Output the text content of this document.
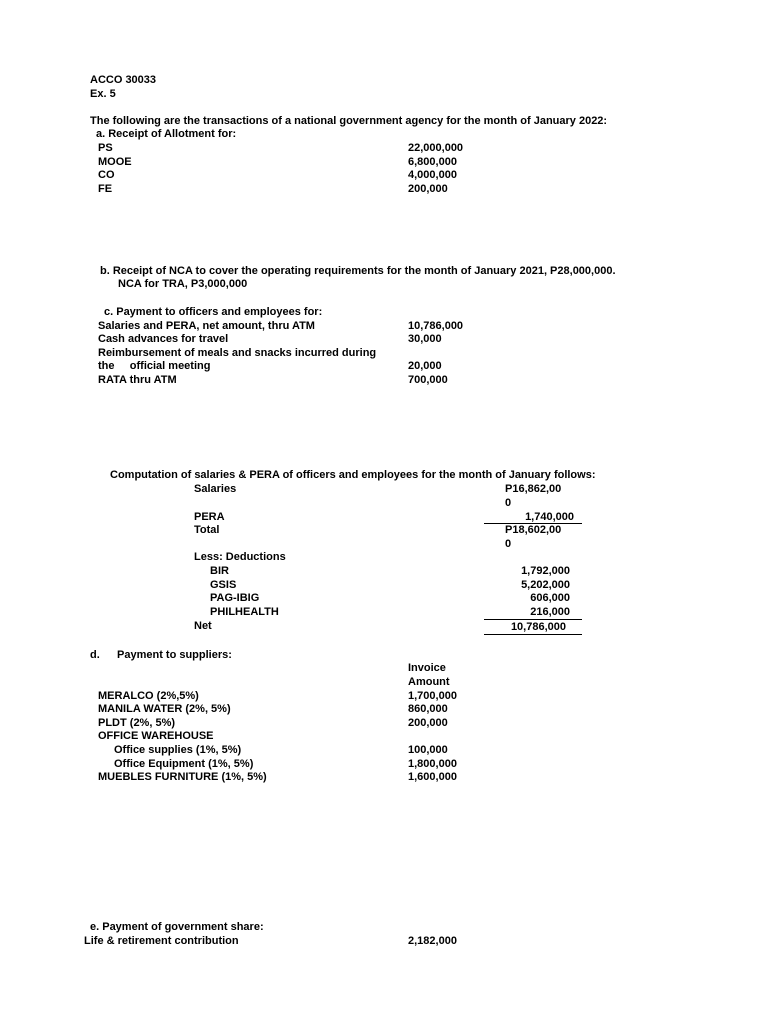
ACCO 30033

Ex. 5

The following are the transactions of a national government agency for the month of January 2022:

a. Receipt of Allotment for:

PS	22,000,000

MOOE	6,800,000

CO	4,000,000

FE	200,000

b. Receipt of NCA to cover the operating requirements for the month of January 2021, P28,000,000.

NCA for TRA, P3,000,000

c. Payment to officers and employees for:

Salaries and PERA, net amount, thru ATM	10,786,000

Cash advances for travel	30,000

Reimbursement of meals and snacks incurred during

the     official meeting	20,000

RATA thru ATM	700,000

Computation of salaries & PERA of officers and employees for the month of January follows:

Salaries	P16,862,00

0

PERA	1,740,000

Total	P18,602,00

0

Less: Deductions

BIR	1,792,000

GSIS	5,202,000

PAG-IBIG	606,000

PHILHEALTH	216,000

Net	10,786,000

d. Payment to suppliers:

Invoice

Amount

MERALCO (2%,5%)	1,700,000

MANILA WATER (2%, 5%)	860,000

PLDT (2%, 5%)	200,000

OFFICE WAREHOUSE

Office supplies (1%, 5%)	100,000

Office Equipment (1%, 5%)	1,800,000

MUEBLES FURNITURE (1%, 5%)	1,600,000

e. Payment of government share:

Life & retirement contribution	2,182,000
